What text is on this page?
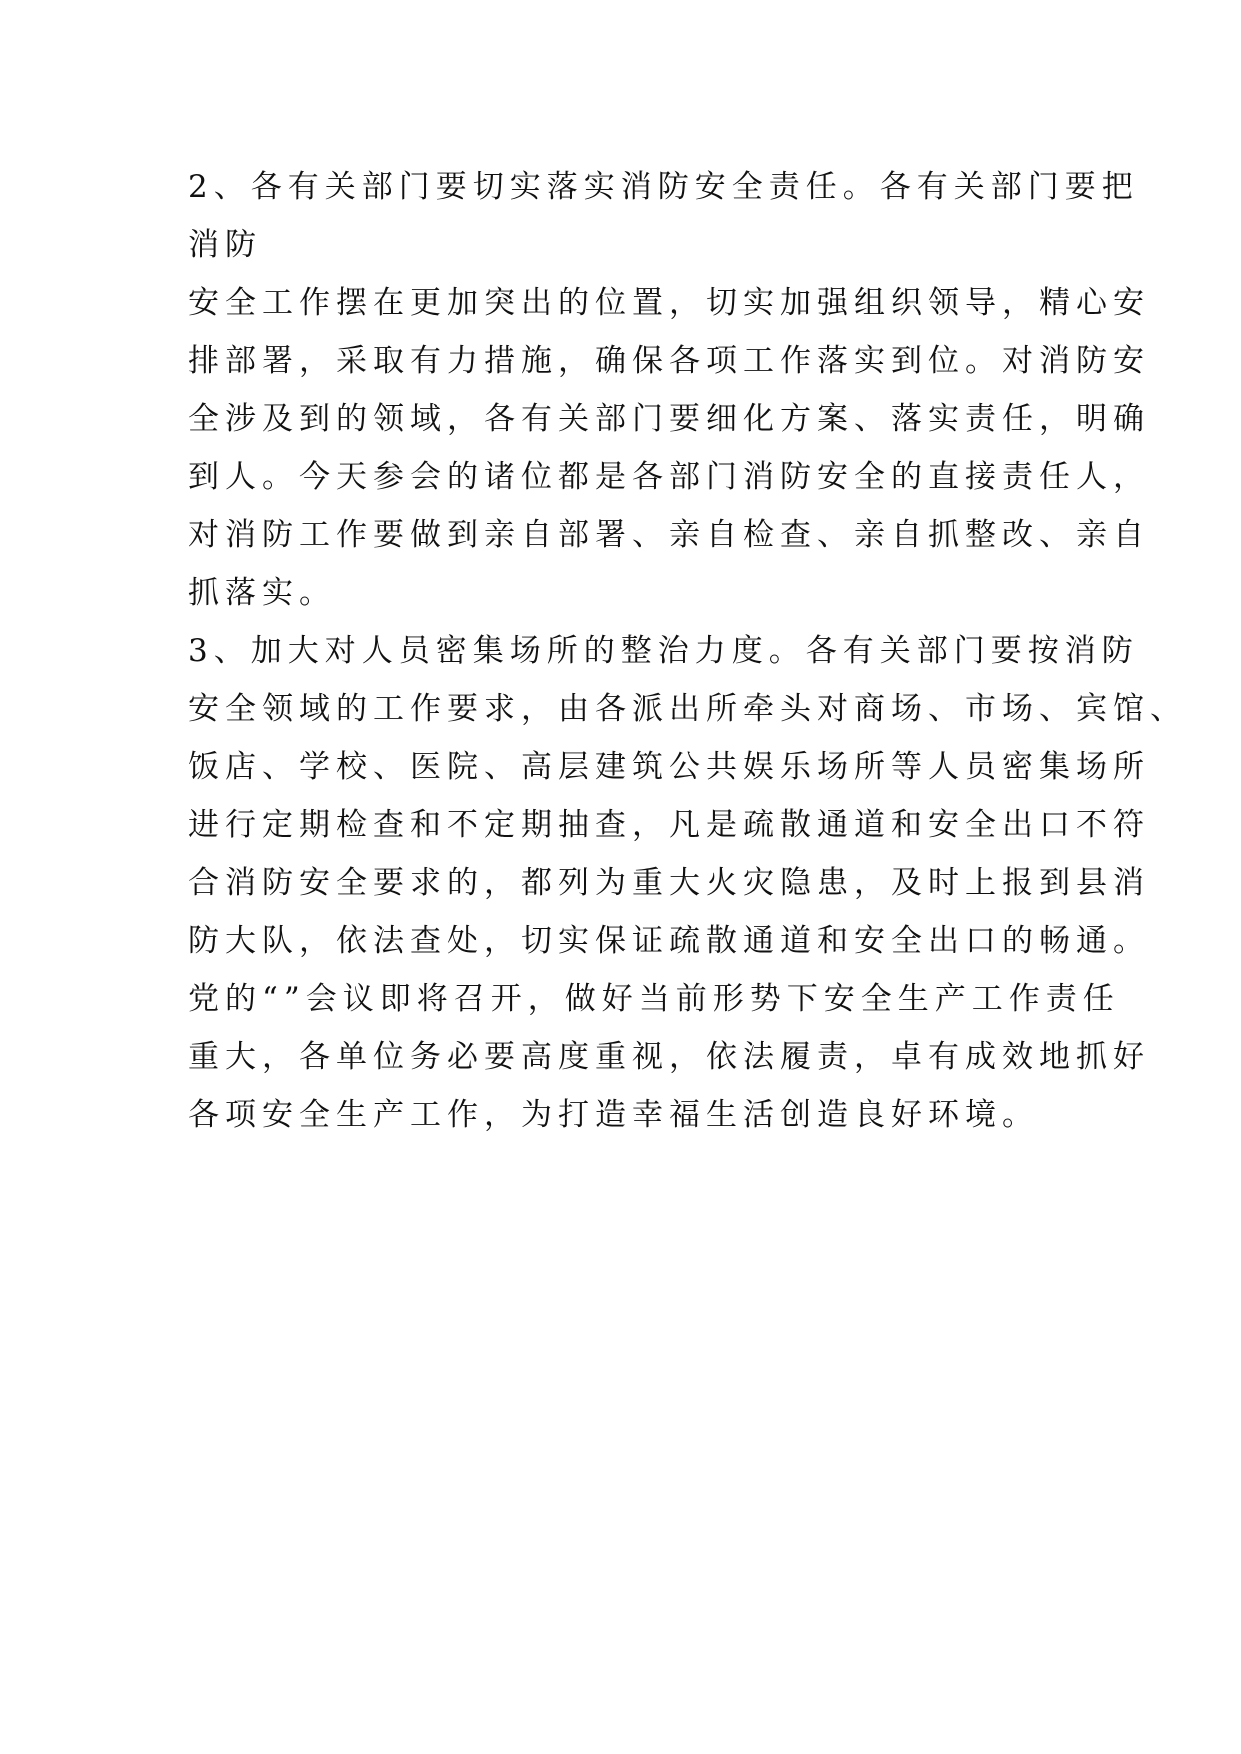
2、各有关部门要切实落实消防安全责任。各有关部门要把
消防
安全工作摆在更加突出的位置，切实加强组织领导，精心安
排部署，采取有力措施，确保各项工作落实到位。对消防安
全涉及到的领域，各有关部门要细化方案、落实责任，明确
到人。今天参会的诸位都是各部门消防安全的直接责任人，
对消防工作要做到亲自部署、亲自检查、亲自抓整改、亲自
抓落实。
3、加大对人员密集场所的整治力度。各有关部门要按消防
安全领域的工作要求，由各派出所牵头对商场、市场、宾馆、
饭店、学校、医院、高层建筑公共娱乐场所等人员密集场所
进行定期检查和不定期抽查，凡是疏散通道和安全出口不符
合消防安全要求的，都列为重大火灾隐患，及时上报到县消
防大队，依法查处，切实保证疏散通道和安全出口的畅通。
党的“”会议即将召开，做好当前形势下安全生产工作责任
重大，各单位务必要高度重视，依法履责，卓有成效地抓好
各项安全生产工作，为打造幸福生活创造良好环境。
